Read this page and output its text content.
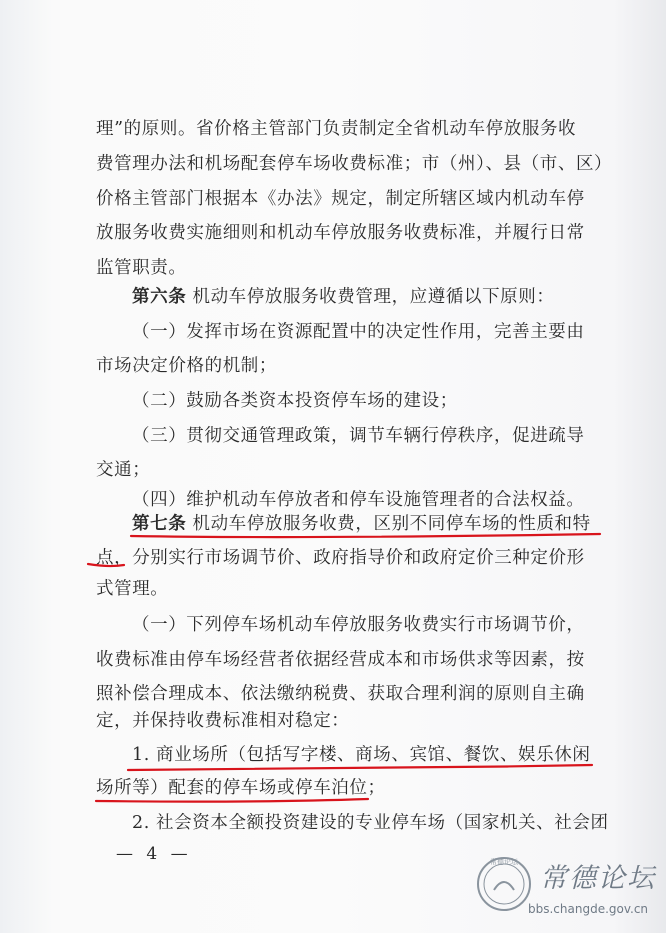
理”的原则。省价格主管部门负责制定全省机动车停放服务收
费管理办法和机场配套停车场收费标准；市（州）、县（市、区）
价格主管部门根据本《办法》规定，制定所辖区域内机动车停
放服务收费实施细则和机动车停放服务收费标准，并履行日常
监管职责。
第六条 机动车停放服务收费管理，应遵循以下原则：
（一）发挥市场在资源配置中的决定性作用，完善主要由
市场决定价格的机制；
（二）鼓励各类资本投资停车场的建设；
（三）贯彻交通管理政策，调节车辆行停秩序，促进疏导
交通；
（四）维护机动车停放者和停车设施管理者的合法权益。
第七条 机动车停放服务收费，区别不同停车场的性质和特
点，分别实行市场调节价、政府指导价和政府定价三种定价形
式管理。
（一）下列停车场机动车停放服务收费实行市场调节价，
收费标准由停车场经营者依据经营成本和市场供求等因素，按
照补偿合理成本、依法缴纳税费、获取合理利润的原则自主确
定，并保持收费标准相对稳定：
1. 商业场所（包括写字楼、商场、宾馆、餐饮、娱乐休闲
场所等）配套的停车场或停车泊位；
2. 社会资本全额投资建设的专业停车场（国家机关、社会团
— 4 —	常德论坛
常德论坛
bbs.changde.gov.cn
